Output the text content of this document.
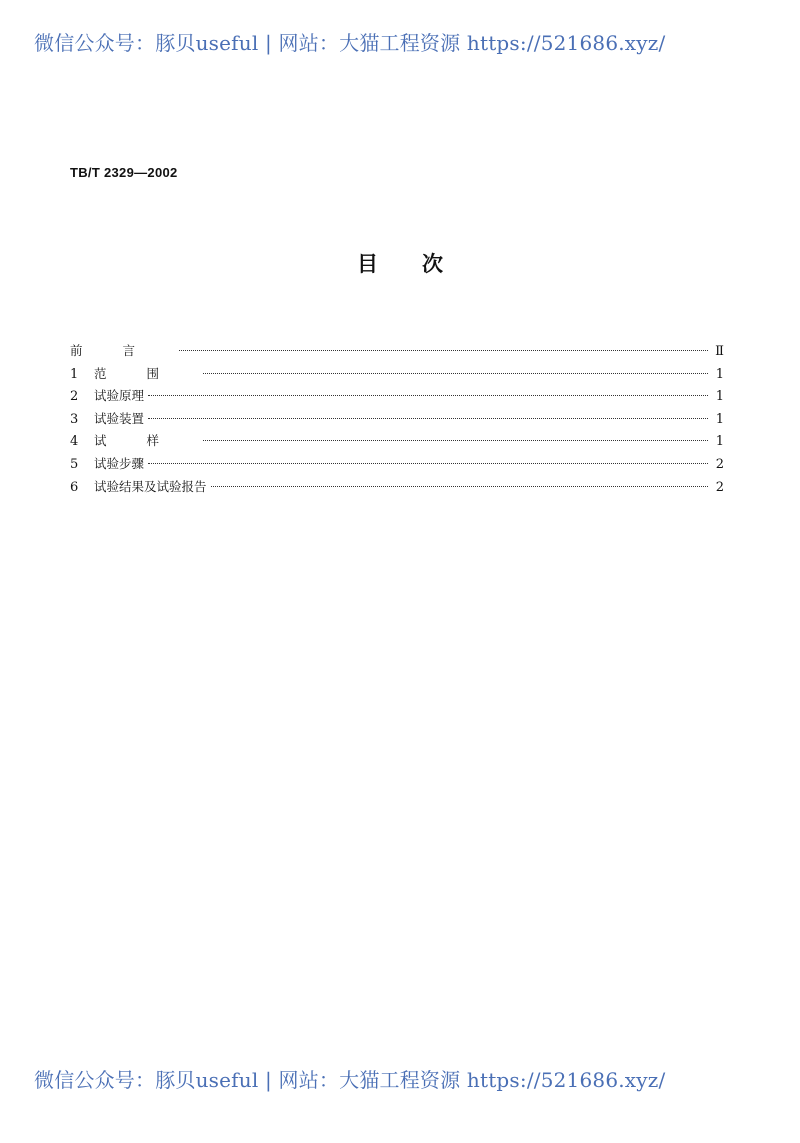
微信公众号：豚贝useful | 网站：大猫工程资源 https://521686.xyz/
TB/T 2329—2002
目次
前言	Ⅱ
1	范围	1
2	试验原理	1
3	试验装置	1
4	试样	1
5	试验步骤	2
6	试验结果及试验报告	2
微信公众号：豚贝useful | 网站：大猫工程资源 https://521686.xyz/
